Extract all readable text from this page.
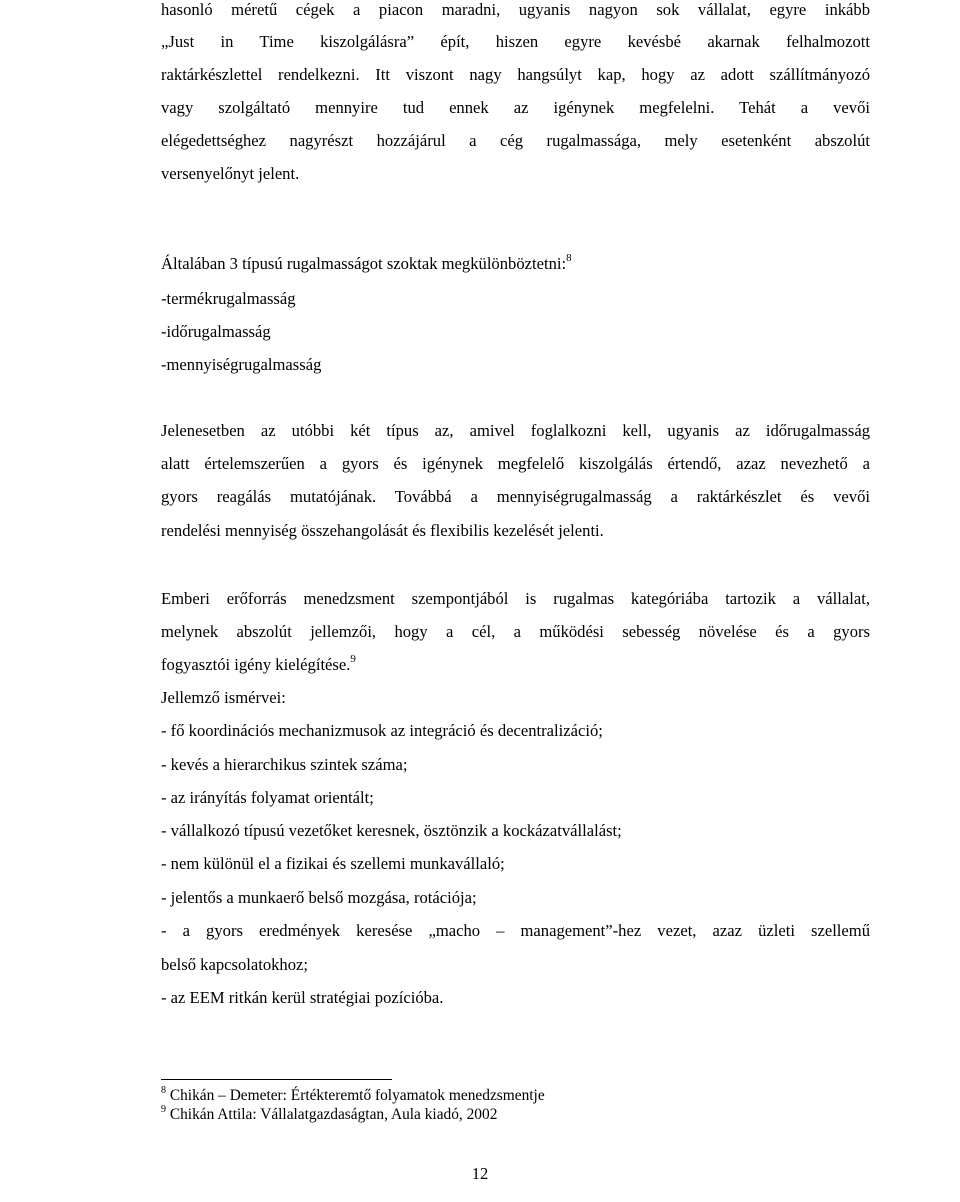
hasonló méretű cégek a piacon maradni, ugyanis nagyon sok vállalat, egyre inkább
„Just in Time kiszolgálásra” épít, hiszen egyre kevésbé akarnak felhalmozott
raktárkészlettel rendelkezni. Itt viszont nagy hangsúlyt kap, hogy az adott szállítmányozó
vagy szolgáltató mennyire tud ennek az igénynek megfelelni. Tehát a vevői
elégedettséghez nagyrészt hozzájárul a cég rugalmassága, mely esetenként abszolút
versenyelőnyt jelent.
Általában 3 típusú rugalmasságot szoktak megkülönböztetni:$^8$
-termékrugalmasság
-időrugalmasság
-mennyiségrugalmasság
Jelenesetben az utóbbi két típus az, amivel foglalkozni kell, ugyanis az időrugalmasság
alatt értelemszerűen a gyors és igénynek megfelelő kiszolgálás értendő, azaz nevezhető a
gyors reagálás mutatójának. Továbbá a mennyiségrugalmasság a raktárkészlet és vevői
rendelési mennyiség összehangolását és flexibilis kezelését jelenti.
Emberi erőforrás menedzsment szempontjából is rugalmas kategóriába tartozik a vállalat,
melynek abszolút jellemzői, hogy a cél, a működési sebesség növelése és a gyors
fogyasztói igény kielégítése.$^9$
Jellemző ismérvei:
- fő koordinációs mechanizmusok az integráció és decentralizáció;
- kevés a hierarchikus szintek száma;
- az irányítás folyamat orientált;
- vállalkozó típusú vezetőket keresnek, ösztönzik a kockázatvállalást;
- nem különül el a fizikai és szellemi munkavállaló;
- jelentős a munkaerő belső mozgása, rotációja;
- a gyors eredmények keresése „macho – management”-hez vezet, azaz üzleti szellemű
belső kapcsolatokhoz;
- az EEM ritkán kerül stratégiai pozícióba.
$^8$ Chikán – Demeter: Értékteremtő folyamatok menedzsmentje
$^9$ Chikán Attila: Vállalatgazdaságtan, Aula kiadó, 2002
12
